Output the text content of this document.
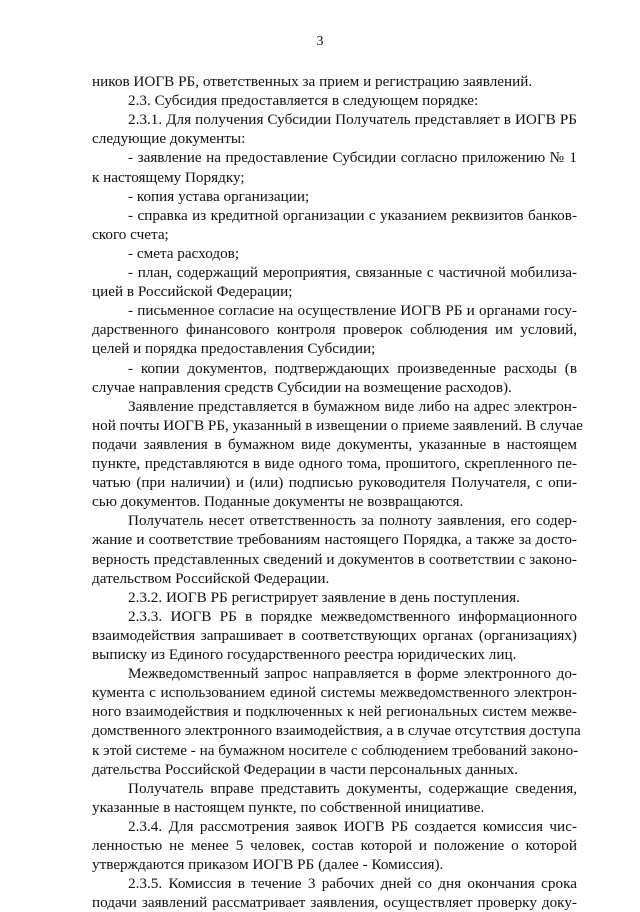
3
ников ИОГВ РБ, ответственных за прием и регистрацию заявлений.
2.3. Субсидия предоставляется в следующем порядке:
2.3.1. Для получения Субсидии Получатель представляет в ИОГВ РБ
следующие документы:
- заявление на предоставление Субсидии согласно приложению № 1
к настоящему Порядку;
- копия устава организации;
- справка из кредитной организации с указанием реквизитов банков-
ского счета;
- смета расходов;
- план, содержащий мероприятия, связанные с частичной мобилиза-
цией в Российской Федерации;
- письменное согласие на осуществление ИОГВ РБ и органами госу-
дарственного финансового контроля проверок соблюдения им условий,
целей и порядка предоставления Субсидии;
- копии документов, подтверждающих произведенные расходы (в
случае направления средств Субсидии на возмещение расходов).
Заявление представляется в бумажном виде либо на адрес электрон-
ной почты ИОГВ РБ, указанный в извещении о приеме заявлений. В случае
подачи заявления в бумажном виде документы, указанные в настоящем
пункте, представляются в виде одного тома, прошитого, скрепленного пе-
чатью (при наличии) и (или) подписью руководителя Получателя, с опи-
сью документов. Поданные документы не возвращаются.
Получатель несет ответственность за полноту заявления, его содер-
жание и соответствие требованиям настоящего Порядка, а также за досто-
верность представленных сведений и документов в соответствии с законо-
дательством Российской Федерации.
2.3.2. ИОГВ РБ регистрирует заявление в день поступления.
2.3.3. ИОГВ РБ в порядке межведомственного информационного
взаимодействия запрашивает в соответствующих органах (организациях)
выписку из Единого государственного реестра юридических лиц.
Межведомственный запрос направляется в форме электронного до-
кумента с использованием единой системы межведомственного электрон-
ного взаимодействия и подключенных к ней региональных систем межве-
домственного электронного взаимодействия, а в случае отсутствия доступа
к этой системе - на бумажном носителе с соблюдением требований законо-
дательства Российской Федерации в части персональных данных.
Получатель вправе представить документы, содержащие сведения,
указанные в настоящем пункте, по собственной инициативе.
2.3.4. Для рассмотрения заявок ИОГВ РБ создается комиссия чис-
ленностью не менее 5 человек, состав которой и положение о которой
утверждаются приказом ИОГВ РБ (далее - Комиссия).
2.3.5. Комиссия в течение 3 рабочих дней со дня окончания срока
подачи заявлений рассматривает заявления, осуществляет проверку доку-
